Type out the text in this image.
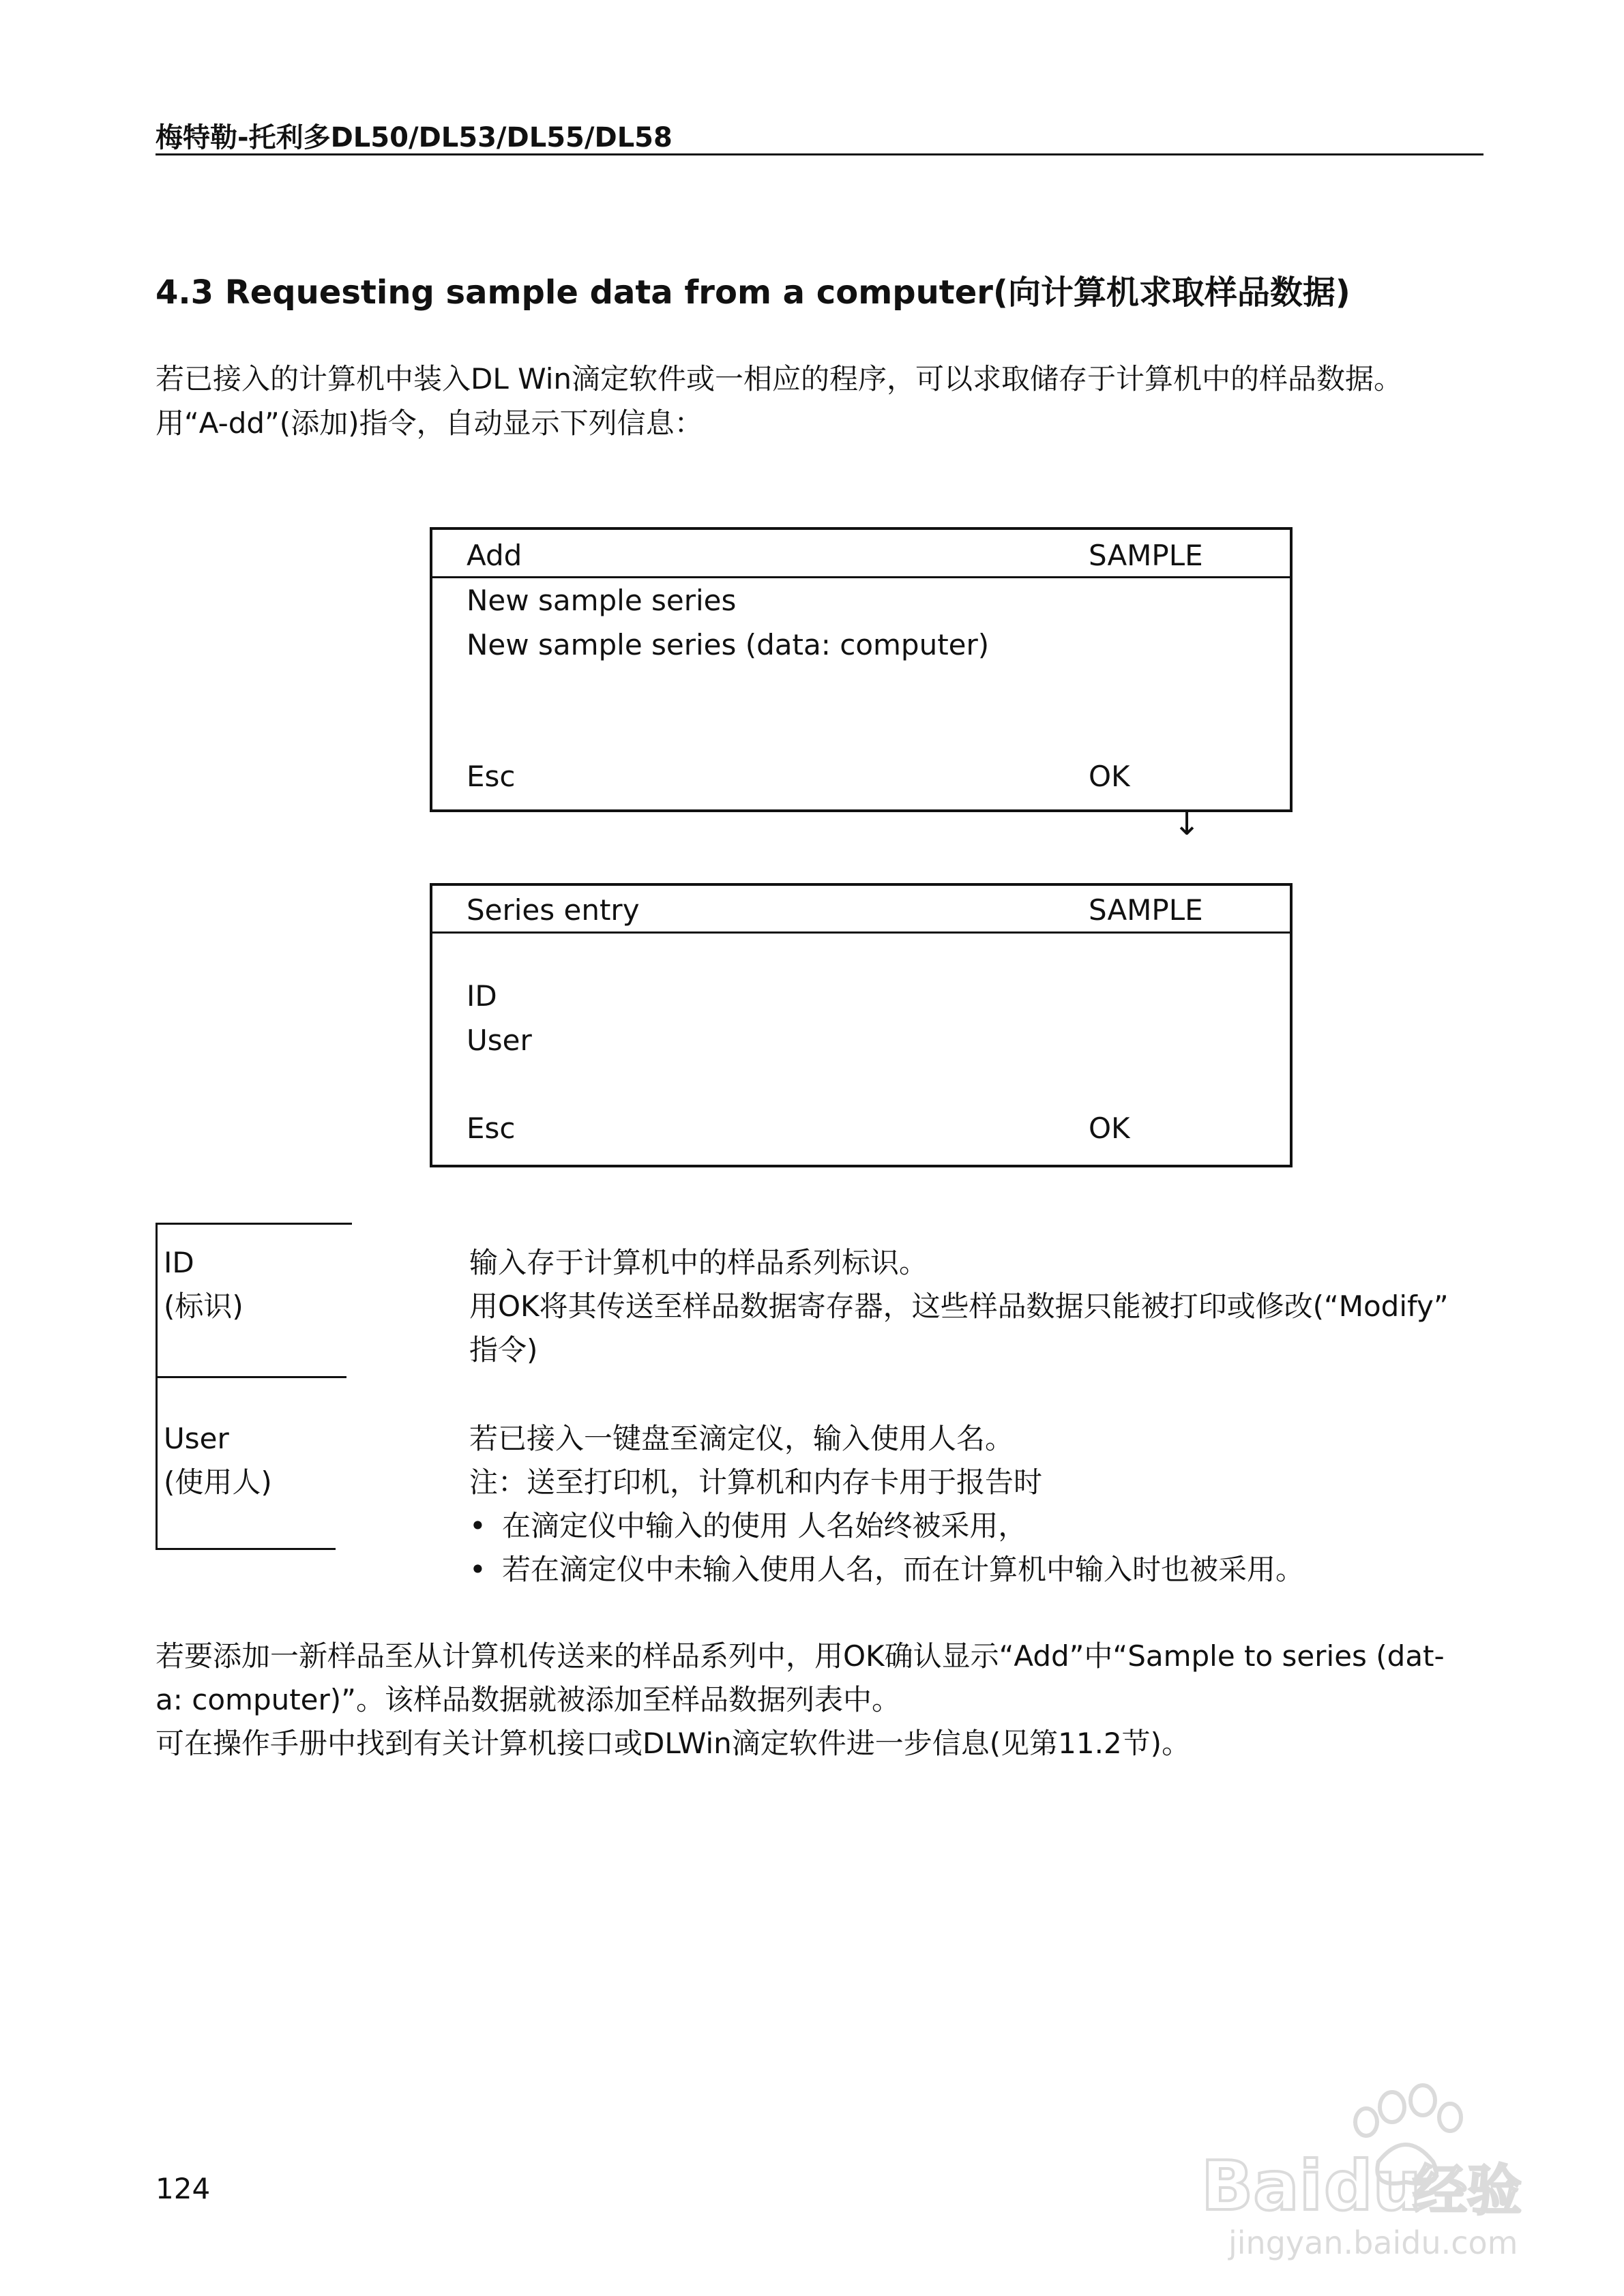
梅特勒-托利多DL50/DL53/DL55/DL58
4.3 Requesting sample data from a computer(向计算机求取样品数据)

若已接入的计算机中装入DL Win滴定软件或一相应的程序，可以求取储存于计算机中的样品数据。

用“A-dd”(添加)指令，自动显示下列信息：

Add	SAMPLE
New sample series
New sample series (data: computer)
Esc	OK
↓
Series entry	SAMPLE
ID
User
Esc	OK
ID
(标识)
输入存于计算机中的样品系列标识。
用OK将其传送至样品数据寄存器，这些样品数据只能被打印或修改(“Modify”
指令)
User
(使用人)
若已接入一键盘至滴定仪，输入使用人名。
注：送至打印机，计算机和内存卡用于报告时
• 在滴定仪中输入的使用 人名始终被采用，
• 若在滴定仪中未输入使用人名，而在计算机中输入时也被采用。

若要添加一新样品至从计算机传送来的样品系列中，用OK确认显示“Add”中“Sample to series (dat-

a: computer)”。该样品数据就被添加至样品数据列表中。

可在操作手册中找到有关计算机接口或DLWin滴定软件进一步信息(见第11.2节)。

124	Bai du
经验
jingyan.baidu.com
